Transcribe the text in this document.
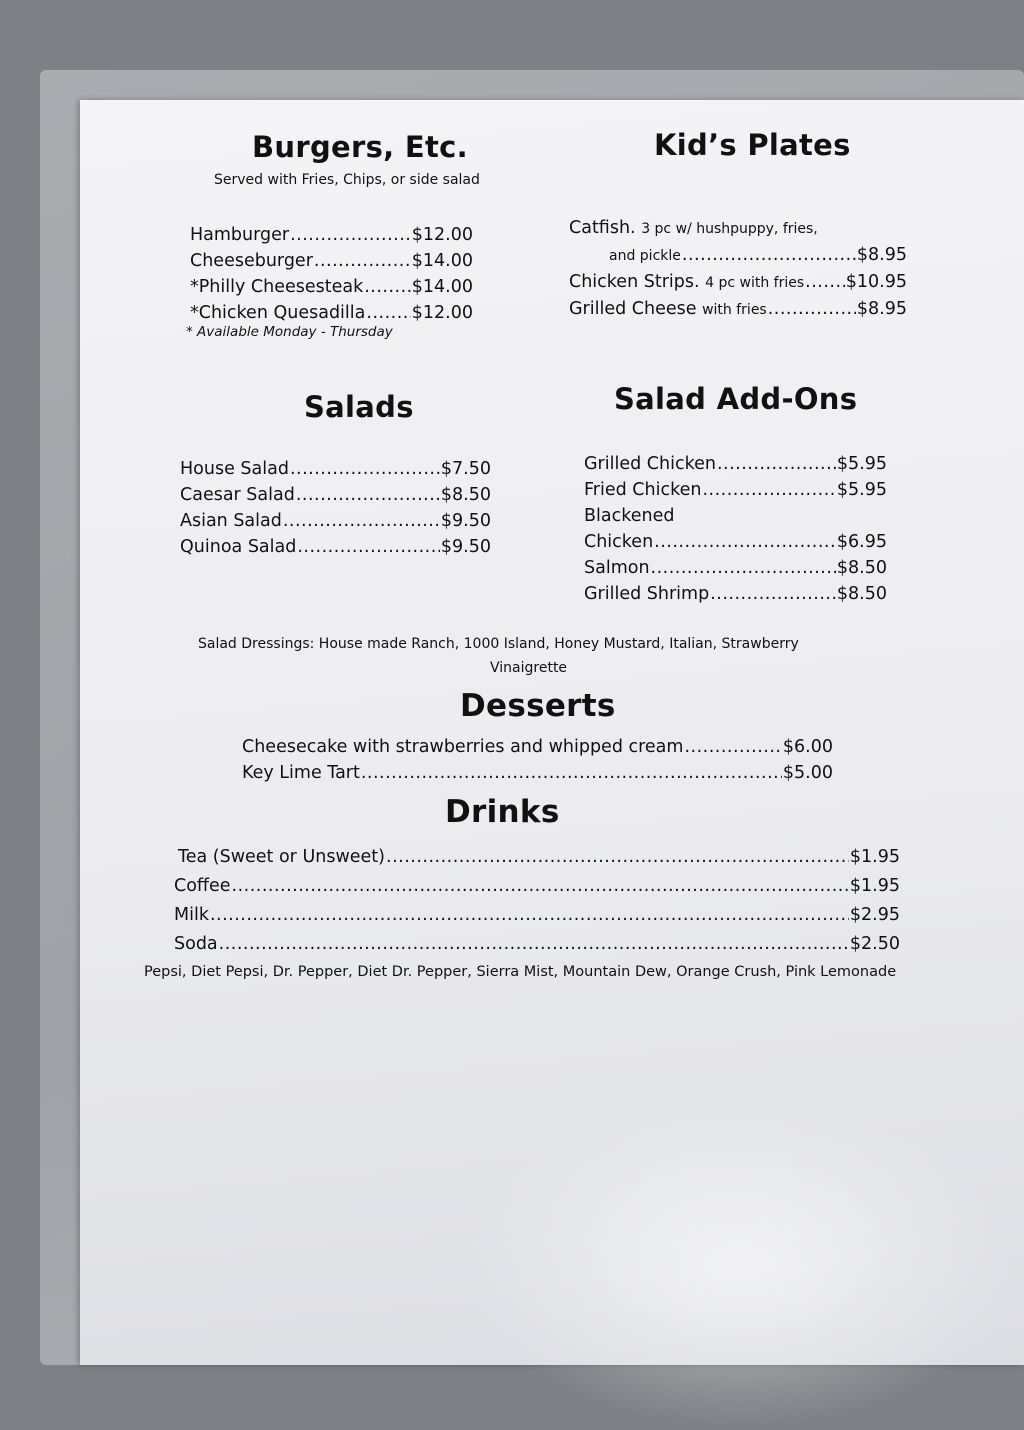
Burgers, Etc.
Served with Fries, Chips, or side salad
Hamburger .....	$12.00
Cheeseburger .....	$14.00
*Philly Cheesesteak .....	$14.00
*Chicken Quesadilla .....	$12.00
* Available Monday - Thursday
Kid’s Plates
Catfish. 3 pc w/ hushpuppy, fries,
and pickle .....	$8.95
Chicken Strips.
4 pc with fries ..... $10.95
Grilled Cheese
with fries .....	$8.95
Salads
House Salad .....	$7.50
Caesar Salad .....	$8.50
Asian Salad .....	$9.50
Quinoa Salad .....	$9.50
Salad Add-Ons
Grilled Chicken .....	$5.95
Fried Chicken .....	$5.95
Blackened
Chicken .....	$6.95
Salmon .....	$8.50
Grilled Shrimp .....	$8.50
Salad Dressings: House made Ranch, 1000 Island, Honey Mustard, Italian, Strawberry
Vinaigrette
Desserts
Cheesecake with strawberries and whipped cream .....	$6.00
Key Lime Tart .....	$5.00
Drinks
Tea (Sweet or Unsweet) .....	$1.95
Coffee .....	$1.95
Milk .....	$2.95
Soda .....	$2.50
Pepsi, Diet Pepsi, Dr. Pepper, Diet Dr. Pepper, Sierra Mist, Mountain Dew, Orange Crush, Pink Lemonade
